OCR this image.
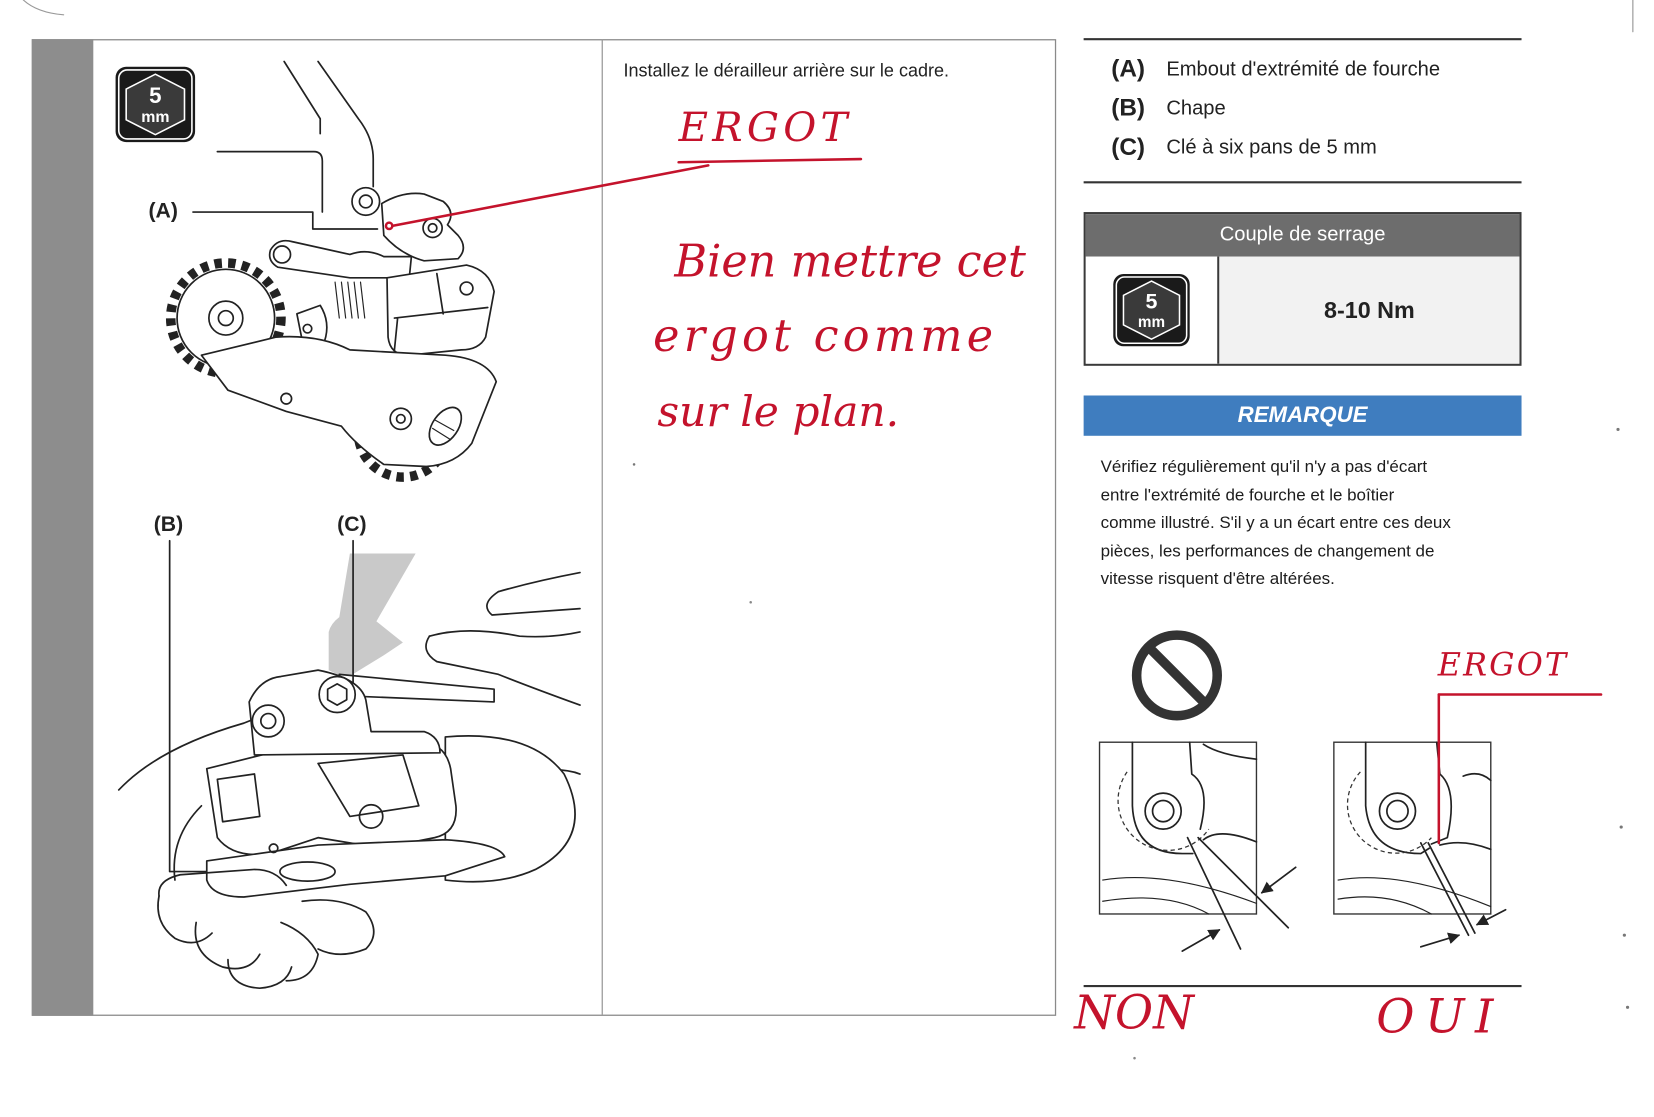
5
mm
(A)
(B)	(C)
Installez le dérailleur arrière sur le cadre.
ERGOT
Bien mettre cet
ergot comme
sur le plan.
ERGOT
NON	OUI
(A) Embout d'extrémité de fourche
(B) Chape
(C) Clé à six pans de 5 mm
Couple de serrage
5
mm	8-10 Nm
REMARQUE
Vérifiez régulièrement qu'il n'y a pas d'écart
entre l'extrémité de fourche et le boîtier
comme illustré. S'il y a un écart entre ces deux
pièces, les performances de changement de
vitesse risquent d'être altérées.
